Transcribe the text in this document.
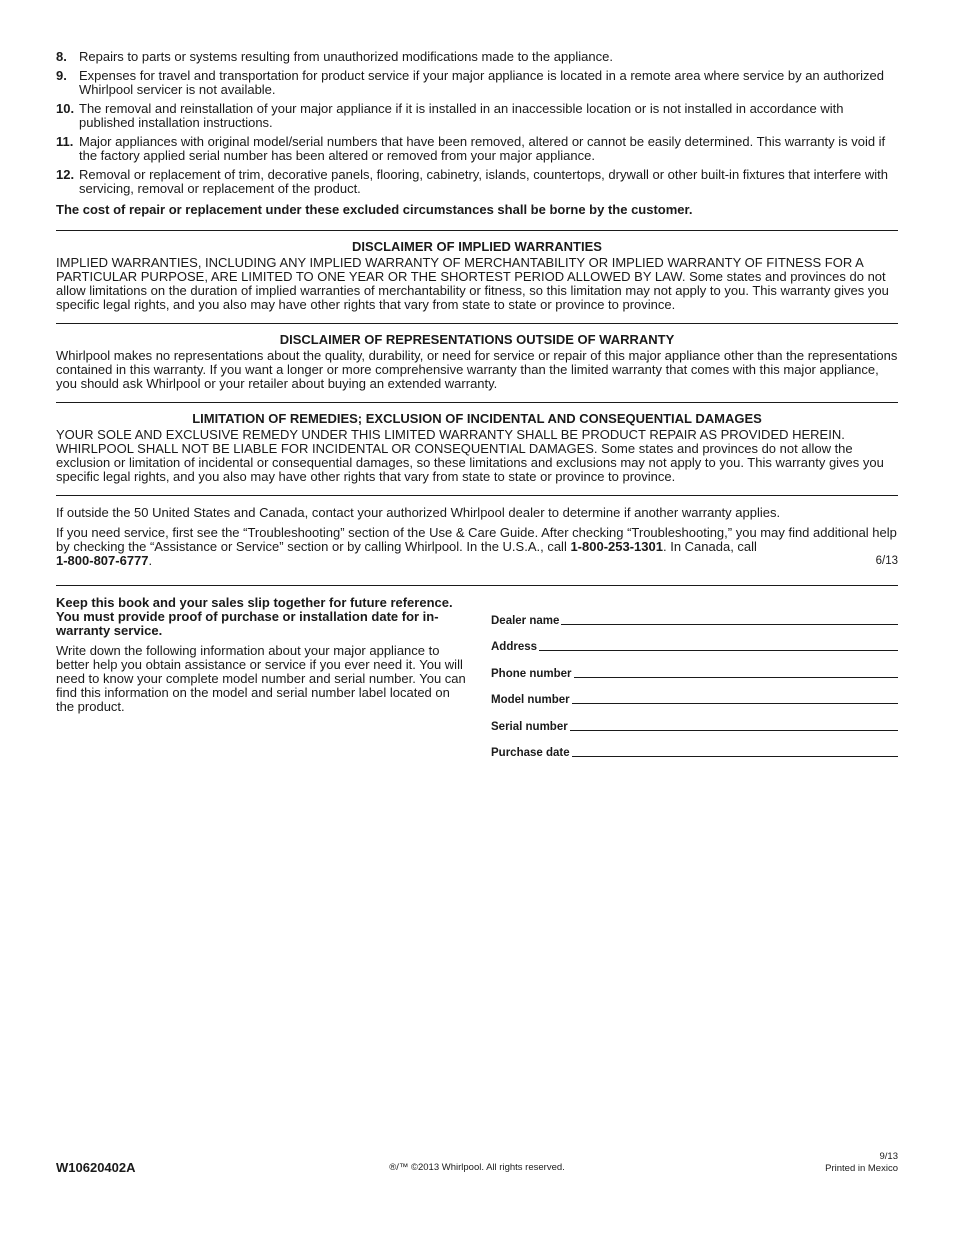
8. Repairs to parts or systems resulting from unauthorized modifications made to the appliance.
9. Expenses for travel and transportation for product service if your major appliance is located in a remote area where service by an authorized Whirlpool servicer is not available.
10. The removal and reinstallation of your major appliance if it is installed in an inaccessible location or is not installed in accordance with published installation instructions.
11. Major appliances with original model/serial numbers that have been removed, altered or cannot be easily determined. This warranty is void if the factory applied serial number has been altered or removed from your major appliance.
12. Removal or replacement of trim, decorative panels, flooring, cabinetry, islands, countertops, drywall or other built-in fixtures that interfere with servicing, removal or replacement of the product.
The cost of repair or replacement under these excluded circumstances shall be borne by the customer.
DISCLAIMER OF IMPLIED WARRANTIES
IMPLIED WARRANTIES, INCLUDING ANY IMPLIED WARRANTY OF MERCHANTABILITY OR IMPLIED WARRANTY OF FITNESS FOR A PARTICULAR PURPOSE, ARE LIMITED TO ONE YEAR OR THE SHORTEST PERIOD ALLOWED BY LAW. Some states and provinces do not allow limitations on the duration of implied warranties of merchantability or fitness, so this limitation may not apply to you. This warranty gives you specific legal rights, and you also may have other rights that vary from state to state or province to province.
DISCLAIMER OF REPRESENTATIONS OUTSIDE OF WARRANTY
Whirlpool makes no representations about the quality, durability, or need for service or repair of this major appliance other than the representations contained in this warranty. If you want a longer or more comprehensive warranty than the limited warranty that comes with this major appliance, you should ask Whirlpool or your retailer about buying an extended warranty.
LIMITATION OF REMEDIES; EXCLUSION OF INCIDENTAL AND CONSEQUENTIAL DAMAGES
YOUR SOLE AND EXCLUSIVE REMEDY UNDER THIS LIMITED WARRANTY SHALL BE PRODUCT REPAIR AS PROVIDED HEREIN. WHIRLPOOL SHALL NOT BE LIABLE FOR INCIDENTAL OR CONSEQUENTIAL DAMAGES. Some states and provinces do not allow the exclusion or limitation of incidental or consequential damages, so these limitations and exclusions may not apply to you. This warranty gives you specific legal rights, and you also may have other rights that vary from state to state or province to province.

If outside the 50 United States and Canada, contact your authorized Whirlpool dealer to determine if another warranty applies.

If you need service, first see the “Troubleshooting” section of the Use & Care Guide. After checking “Troubleshooting,” you may find additional help by checking the “Assistance or Service” section or by calling Whirlpool. In the U.S.A., call 1-800-253-1301. In Canada, call
1-800-807-6777.	6/13

Keep this book and your sales slip together for future reference. You must provide proof of purchase or installation date for in-warranty service.

Write down the following information about your major appliance to better help you obtain assistance or service if you ever need it. You will need to know your complete model number and serial number. You can find this information on the model and serial number label located on the product.

Dealer name
Address
Phone number
Model number
Serial number
Purchase date
W10620402A	®/™ ©2013 Whirlpool. All rights reserved.
9/13
Printed in Mexico
